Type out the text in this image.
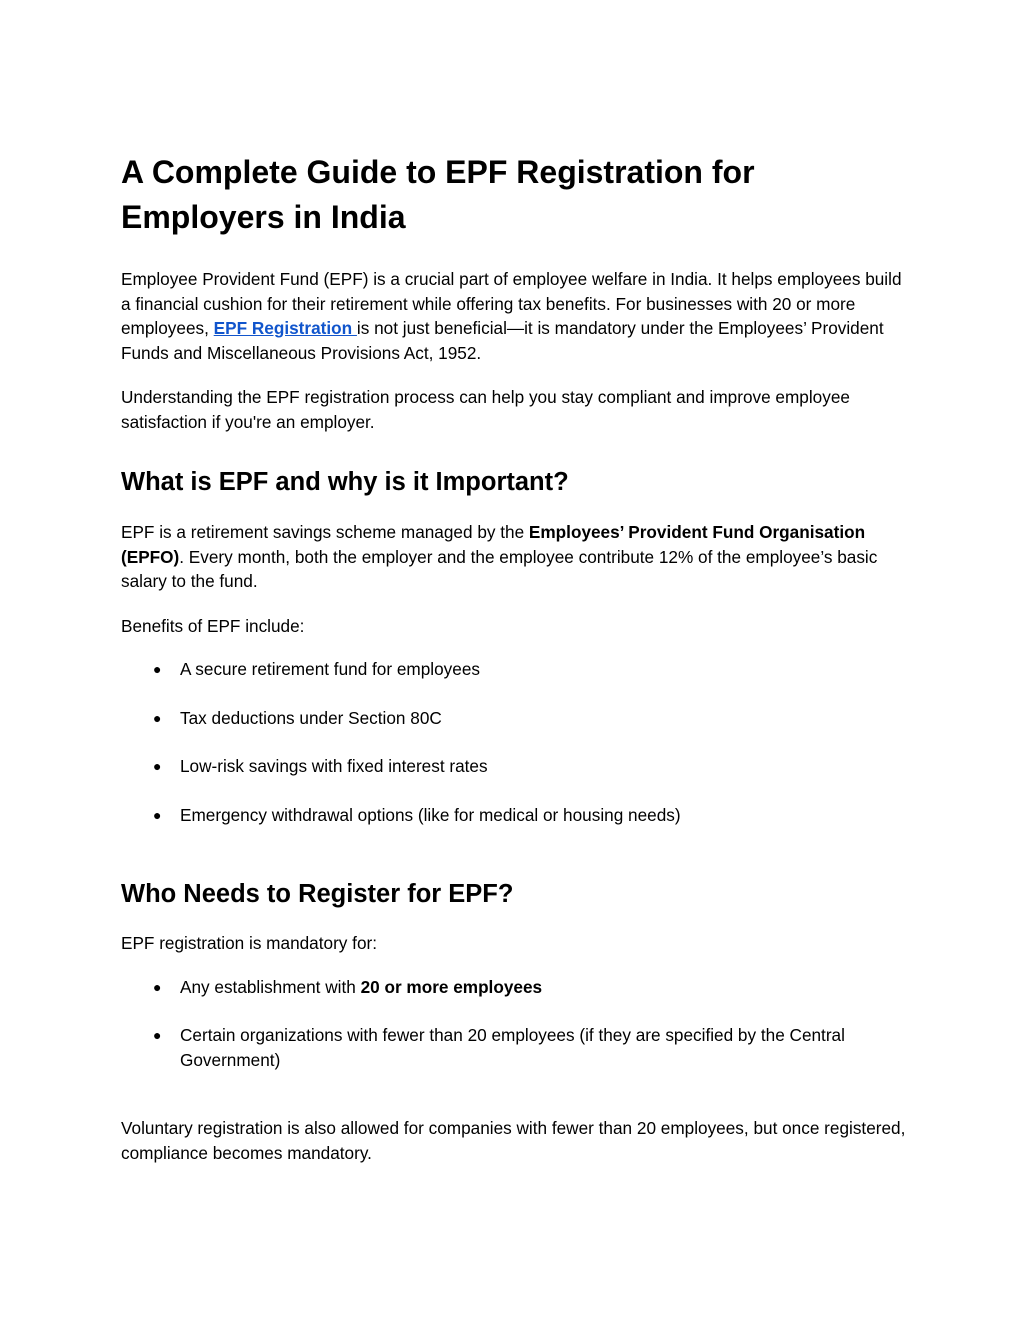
A Complete Guide to EPF Registration for Employers in India

Employee Provident Fund (EPF) is a crucial part of employee welfare in India. It helps employees build a financial cushion for their retirement while offering tax benefits. For businesses with 20 or more employees, EPF Registration is not just beneficial—it is mandatory under the Employees’ Provident Funds and Miscellaneous Provisions Act, 1952.

Understanding the EPF registration process can help you stay compliant and improve employee satisfaction if you're an employer.

What is EPF and why is it Important?

EPF is a retirement savings scheme managed by the Employees’ Provident Fund Organisation (EPFO). Every month, both the employer and the employee contribute 12% of the employee’s basic salary to the fund.

Benefits of EPF include:

● A secure retirement fund for employees
● Tax deductions under Section 80C
● Low-risk savings with fixed interest rates
● Emergency withdrawal options (like for medical or housing needs)
Who Needs to Register for EPF?

EPF registration is mandatory for:

● Any establishment with 20 or more employees
● Certain organizations with fewer than 20 employees (if they are specified by the Central Government)

Voluntary registration is also allowed for companies with fewer than 20 employees, but once registered, compliance becomes mandatory.
